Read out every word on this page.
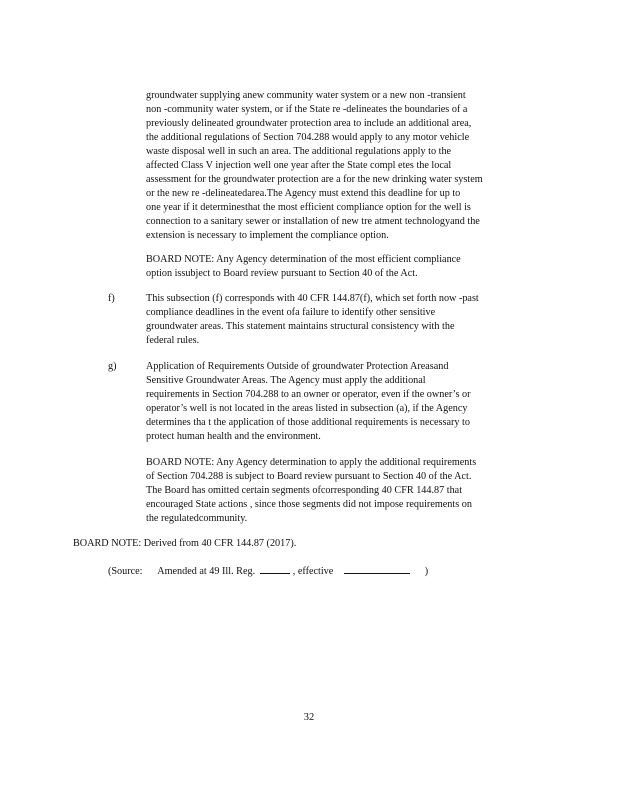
groundwater supplying anew community water system or a new non -transient
non -community water system, or if the State re -delineates the boundaries of a
previously delineated groundwater protection area to include an additional area,
the additional regulations of Section 704.288 would apply to any motor vehicle
waste disposal well in such an area. The additional regulations apply to the
affected Class V injection well one year after the State compl etes the local
assessment for the groundwater protection are a for the new drinking water system
or the new re -delineatedarea.The Agency must extend this deadline for up to
one year if it determinesthat the most efficient compliance option for the well is
connection to a sanitary sewer or installation of new tre atment technologyand the
extension is necessary to implement the compliance option.
BOARD NOTE: Any Agency determination of the most efficient compliance
option issubject to Board review pursuant to Section 40 of the Act.
f)	This subsection (f) corresponds with 40 CFR 144.87(f), which set forth now -past
compliance deadlines in the event ofa failure to identify other sensitive
groundwater areas. This statement maintains structural consistency with the
federal rules.
g)	Application of Requirements Outside of groundwater Protection Areasand
Sensitive Groundwater Areas. The Agency must apply the additional
requirements in Section 704.288 to an owner or operator, even if the owner’s or
operator’s well is not located in the areas listed in subsection (a), if the Agency
determines tha t the application of those additional requirements is necessary to
protect human health and the environment.
BOARD NOTE: Any Agency determination to apply the additional requirements
of Section 704.288 is subject to Board review pursuant to Section 40 of the Act.
The Board has omitted certain segments ofcorresponding 40 CFR 144.87 that
encouraged State actions , since those segments did not impose requirements on
the regulatedcommunity.
BOARD NOTE: Derived from 40 CFR 144.87 (2017).
(Source: Amended at 49 Ill. Reg.	, effective	)
32
